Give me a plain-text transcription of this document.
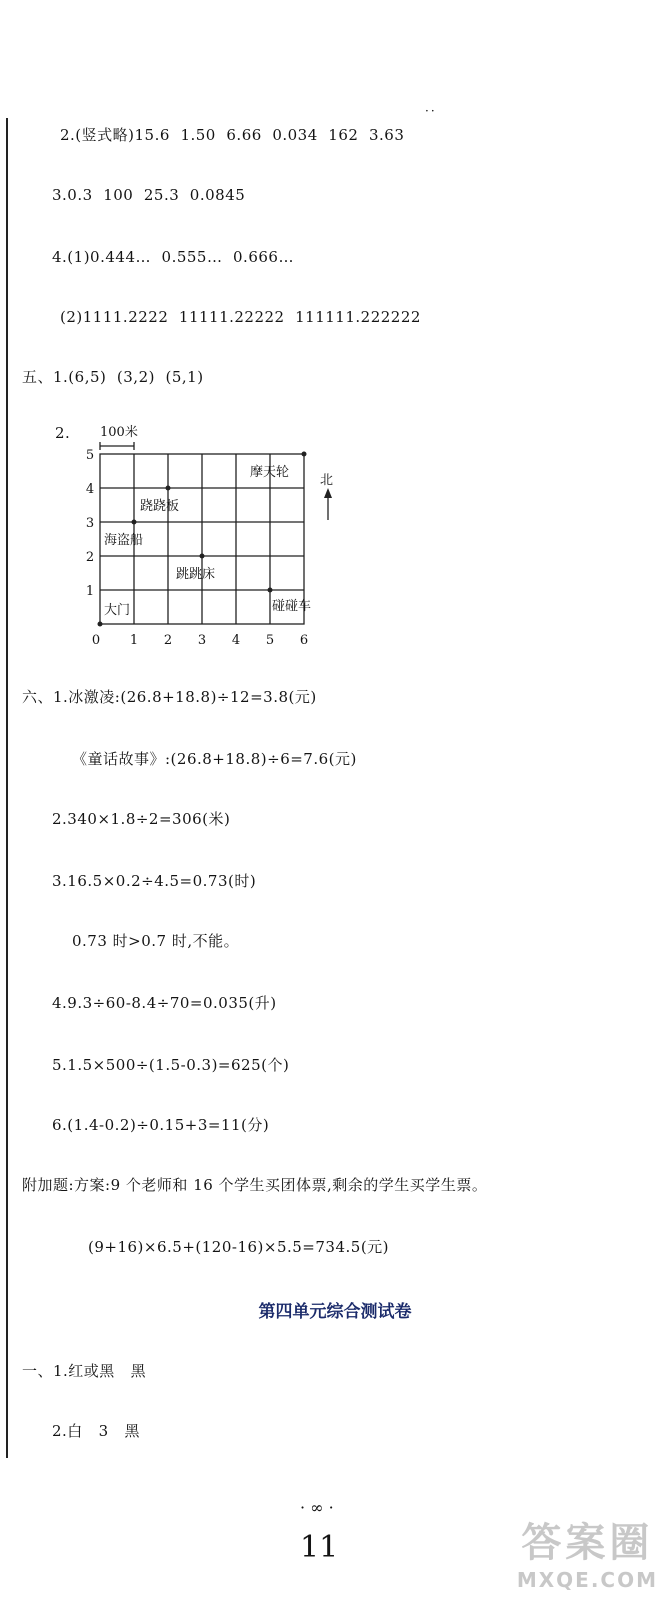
2.(竖式略)15.6  1.50  6.66  0.034  162  3.63
··
3.0.3  100  25.3  0.0845
4.(1)0.444…  0.555…  0.666…
(2)1111.2222  11111.22222  111111.222222
五、1.(6,5)  (3,2)  (5,1)
2. 100米
北
0 1 2 3 4 5 6
1
2
3
4
5
摩天轮
跷跷板
海盗船
跳跳床
大门	碰碰车
六、1.冰激凌:(26.8+18.8)÷12=3.8(元)
《童话故事》:(26.8+18.8)÷6=7.6(元)
2.340×1.8÷2=306(米)
3.16.5×0.2÷4.5=0.73(时)
0.73 时>0.7 时,不能。
4.9.3÷60-8.4÷70=0.035(升)
5.1.5×500÷(1.5-0.3)=625(个)
6.(1.4-0.2)÷0.15+3=11(分)
附加题:方案:9 个老师和 16 个学生买团体票,剩余的学生买学生票。
(9+16)×6.5+(120-16)×5.5=734.5(元)
第四单元综合测试卷
一、1.红或黑   黑
2.白   3   黑
· ∞ ·
11	答案圈
MXQE.COM
